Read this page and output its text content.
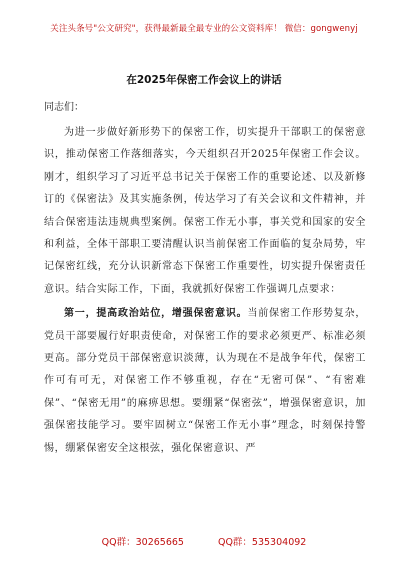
关注头条号"公文研究"，获得最新最全最专业的公文资料库！ 微信：gongwenyj
在2025年保密工作会议上的讲话
同志们：

为进一步做好新形势下的保密工作，切实提升干部职工的保密意识，推动保密工作落细落实，今天组织召开2025年保密工作会议。刚才，组织学习了习近平总书记关于保密工作的重要论述、以及新修订的《保密法》及其实施条例，传达学习了有关会议和文件精神，并结合保密违法违规典型案例。保密工作无小事，事关党和国家的安全和利益，全体干部职工要清醒认识当前保密工作面临的复杂局势，牢记保密红线，充分认识新常态下保密工作重要性，切实提升保密责任意识。结合实际工作，下面，我就抓好保密工作强调几点要求：

第一，提高政治站位，增强保密意识。当前保密工作形势复杂，党员干部要履行好职责使命，对保密工作的要求必须更严、标准必须更高。部分党员干部保密意识淡薄，认为现在不是战争年代，保密工作可有可无，对保密工作不够重视，存在“无密可保”、“有密难保”、“保密无用”的麻痹思想。要绷紧“保密弦”，增强保密意识，加强保密技能学习。要牢固树立“保密工作无小事”理念，时刻保持警惕，绷紧保密安全这根弦，强化保密意识、严

QQ群：30265665	QQ群：535304092
